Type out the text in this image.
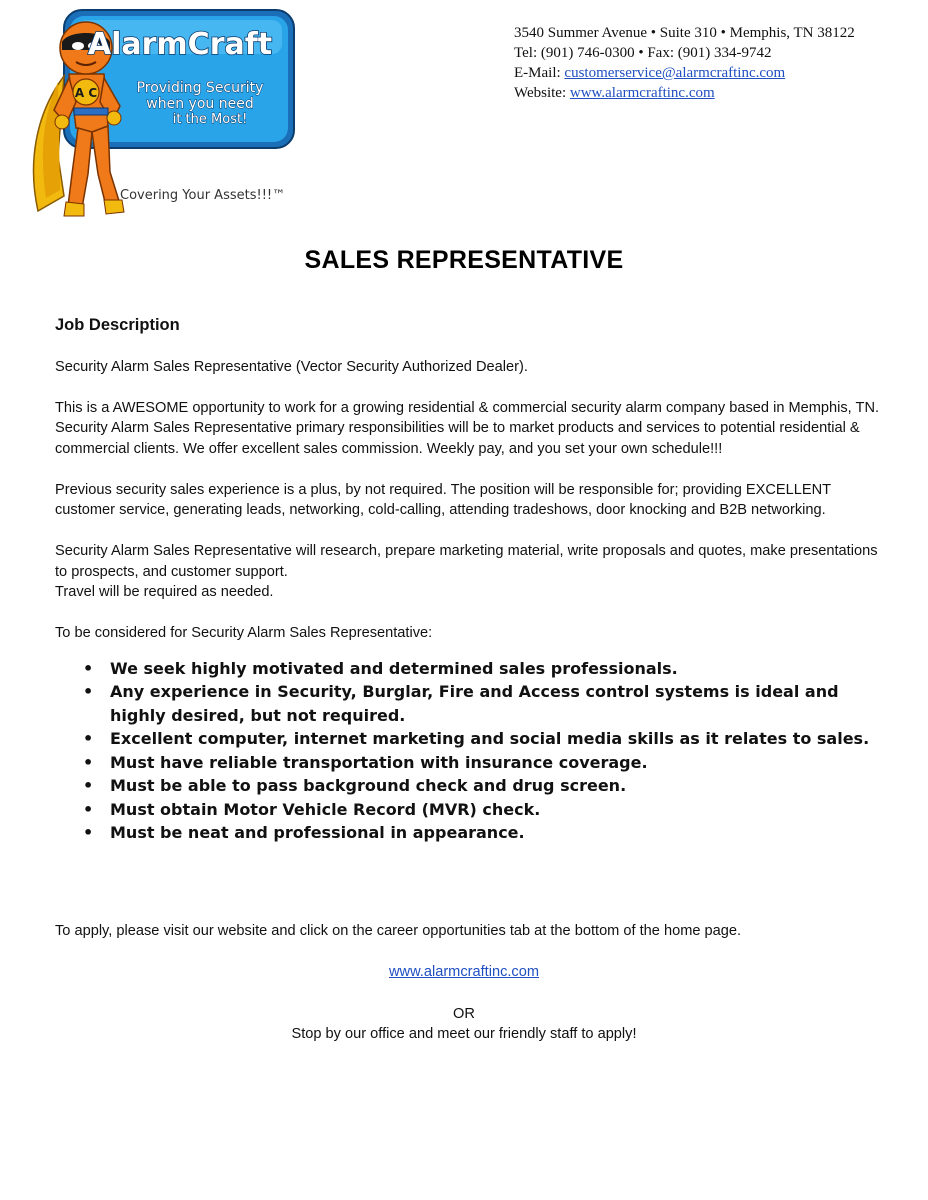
A C
AlarmCraft
Providing Security
when you need
it the Most!
Covering Your Assets!!!™
3540 Summer Avenue • Suite 310 • Memphis, TN 38122
Tel: (901) 746-0300 • Fax: (901) 334-9742
E-Mail: customerservice@alarmcraftinc.com
Website: www.alarmcraftinc.com
SALES REPRESENTATIVE

Job Description

Security Alarm Sales Representative (Vector Security Authorized Dealer).

This is a AWESOME opportunity to work for a growing residential & commercial security alarm company based in Memphis, TN.

Security Alarm Sales Representative primary responsibilities will be to market products and services to potential residential & commercial clients. We offer excellent sales commission. Weekly pay, and you set your own schedule!!!

Previous security sales experience is a plus, by not required. The position will be responsible for; providing EXCELLENT customer service, generating leads, networking, cold-calling, attending tradeshows, door knocking and B2B networking.

Security Alarm Sales Representative will research, prepare marketing material, write proposals and quotes, make presentations to prospects, and customer support.

Travel will be required as needed.

To be considered for Security Alarm Sales Representative:

• We seek highly motivated and determined sales professionals.
• Any experience in Security, Burglar, Fire and Access control systems is ideal and highly desired, but not required.
• Excellent computer, internet marketing and social media skills as it relates to sales.
• Must have reliable transportation with insurance coverage.
• Must be able to pass background check and drug screen.
• Must obtain Motor Vehicle Record (MVR) check.
• Must be neat and professional in appearance.
To apply, please visit our website and click on the career opportunities tab at the bottom of the home page.
www.alarmcraftinc.com
OR
Stop by our office and meet our friendly staff to apply!
